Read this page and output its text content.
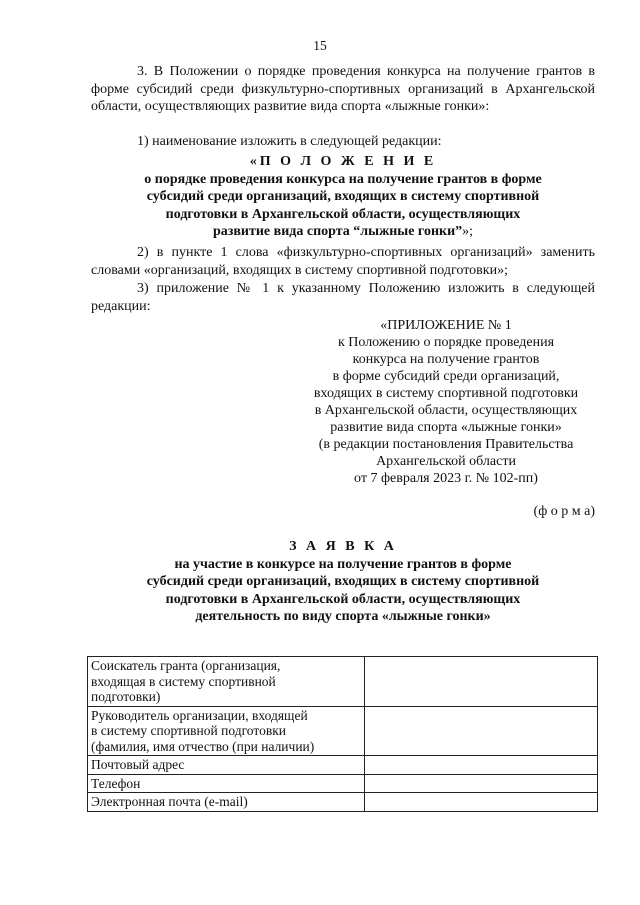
15
3. В Положении о порядке проведения конкурса на получение грантов в форме субсидий среди физкультурно-спортивных организаций в Архангельской области, осуществляющих развитие вида спорта «лыжные гонки»:
1) наименование изложить в следующей редакции:
«П О Л О Ж Е Н И Е
о порядке проведения конкурса на получение грантов в форме
субсидий среди организаций, входящих в систему спортивной
подготовки в Архангельской области, осуществляющих
развитие вида спорта “лыжные гонки”»;
2) в пункте 1 слова «физкультурно-спортивных организаций» заменить словами «организаций, входящих в систему спортивной подготовки»;
3) приложение № 1 к указанному Положению изложить в следующей редакции:
«ПРИЛОЖЕНИЕ № 1
к Положению о порядке проведения
конкурса на получение грантов
в форме субсидий среди организаций,
входящих в систему спортивной подготовки
в Архангельской области, осуществляющих
развитие вида спорта «лыжные гонки»
(в редакции постановления Правительства
Архангельской области
от 7 февраля 2023 г. № 102-пп)
(ф о р м а)
З А Я В К А
на участие в конкурсе на получение грантов в форме
субсидий среди организаций, входящих в систему спортивной
подготовки в Архангельской области, осуществляющих
деятельность по виду спорта «лыжные гонки»
Соискатель гранта (организация,
входящая в систему спортивной
подготовки)	

Руководитель организации, входящей
в систему спортивной подготовки
(фамилия, имя отчество (при наличии)	

Почтовый адрес	
Телефон	
Электронная почта (e-mail)	
